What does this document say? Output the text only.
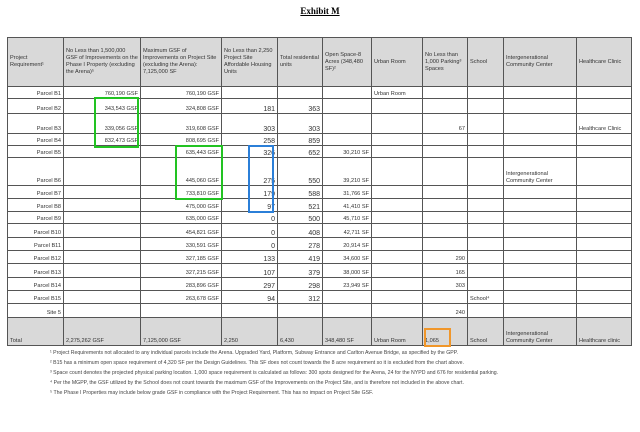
Exhibit M
Project Requirement¹	No Less than 1,500,000 GSF of Improvements on the Phase I Property (excluding the Arena)⁵	Maximum GSF of Improvements on Project Site (excluding the Arena): 7,125,000 SF	No Less than 2,250 Project Site Affordable Housing Units	Total residential units	Open Space-8 Acres (348,480 SF)²	Urban Room	No Less than 1,000 Parking³ Spaces	School	Intergenerational Community Center	Healthcare Clinic
Parcel B1	760,190 GSF	760,190 GSF				Urban Room				
Parcel B2	343,543 GSF	324,808 GSF	181	363						
Parcel B3	339,056 GSF	319,608 GSF	303	303			67			Healthcare Clinic
Parcel B4	832,473 GSF	808,695 GSF	258	859						
Parcel B5		635,443 GSF	326	652	30,210 SF					
Parcel B6		445,060 GSF	275	550	39,210 SF				Intergenerational Community Center	
Parcel B7		733,810 GSF	179	588	31,766 SF					
Parcel B8		475,000 GSF	97	521	41,410 SF					
Parcel B9		635,000 GSF	0	500	45,710 SF					
Parcel B10		454,821 GSF	0	408	42,711 SF					
Parcel B11		330,591 GSF	0	278	20,914 SF					
Parcel B12		327,185 GSF	133	419	34,600 SF		290			
Parcel B13		327,215 GSF	107	379	38,000 SF		165			
Parcel B14		283,896 GSF	297	298	23,949 SF		303			
Parcel B15		263,678 GSF	94	312				School⁴		
Site 5							240			
Total	2,275,262 GSF	7,125,000 GSF	2,250	6,430	348,480 SF	Urban Room	1,065	School	Intergenerational Community Center	Healthcare clinic

¹ Project Requirements not allocated to any individual parcels include the Arena. Upgraded Yard, Platform, Subway Entrance and Carlton Avenue Bridge, as specified by the GPP.

² B15 has a minimum open space requirement of 4,320 SF per the Design Guidelines. This SF does not count towards the 8 acre requirement so it is excluded from the chart above.

³ Space count denotes the projected physical parking location. 1,000 space requirement is calculated as follows: 300 spots designed for the Arena, 24 for the NYPD and 676 for residential parking.

⁴ Per the MGPP, the GSF utilized by the School does not count towards the maximum GSF of the Improvements on the Project Site, and is therefore not included in the above chart.

⁵ The Phase I Properties may include below grade GSF in compliance with the Project Requirement. This has no impact on Project Site GSF.
